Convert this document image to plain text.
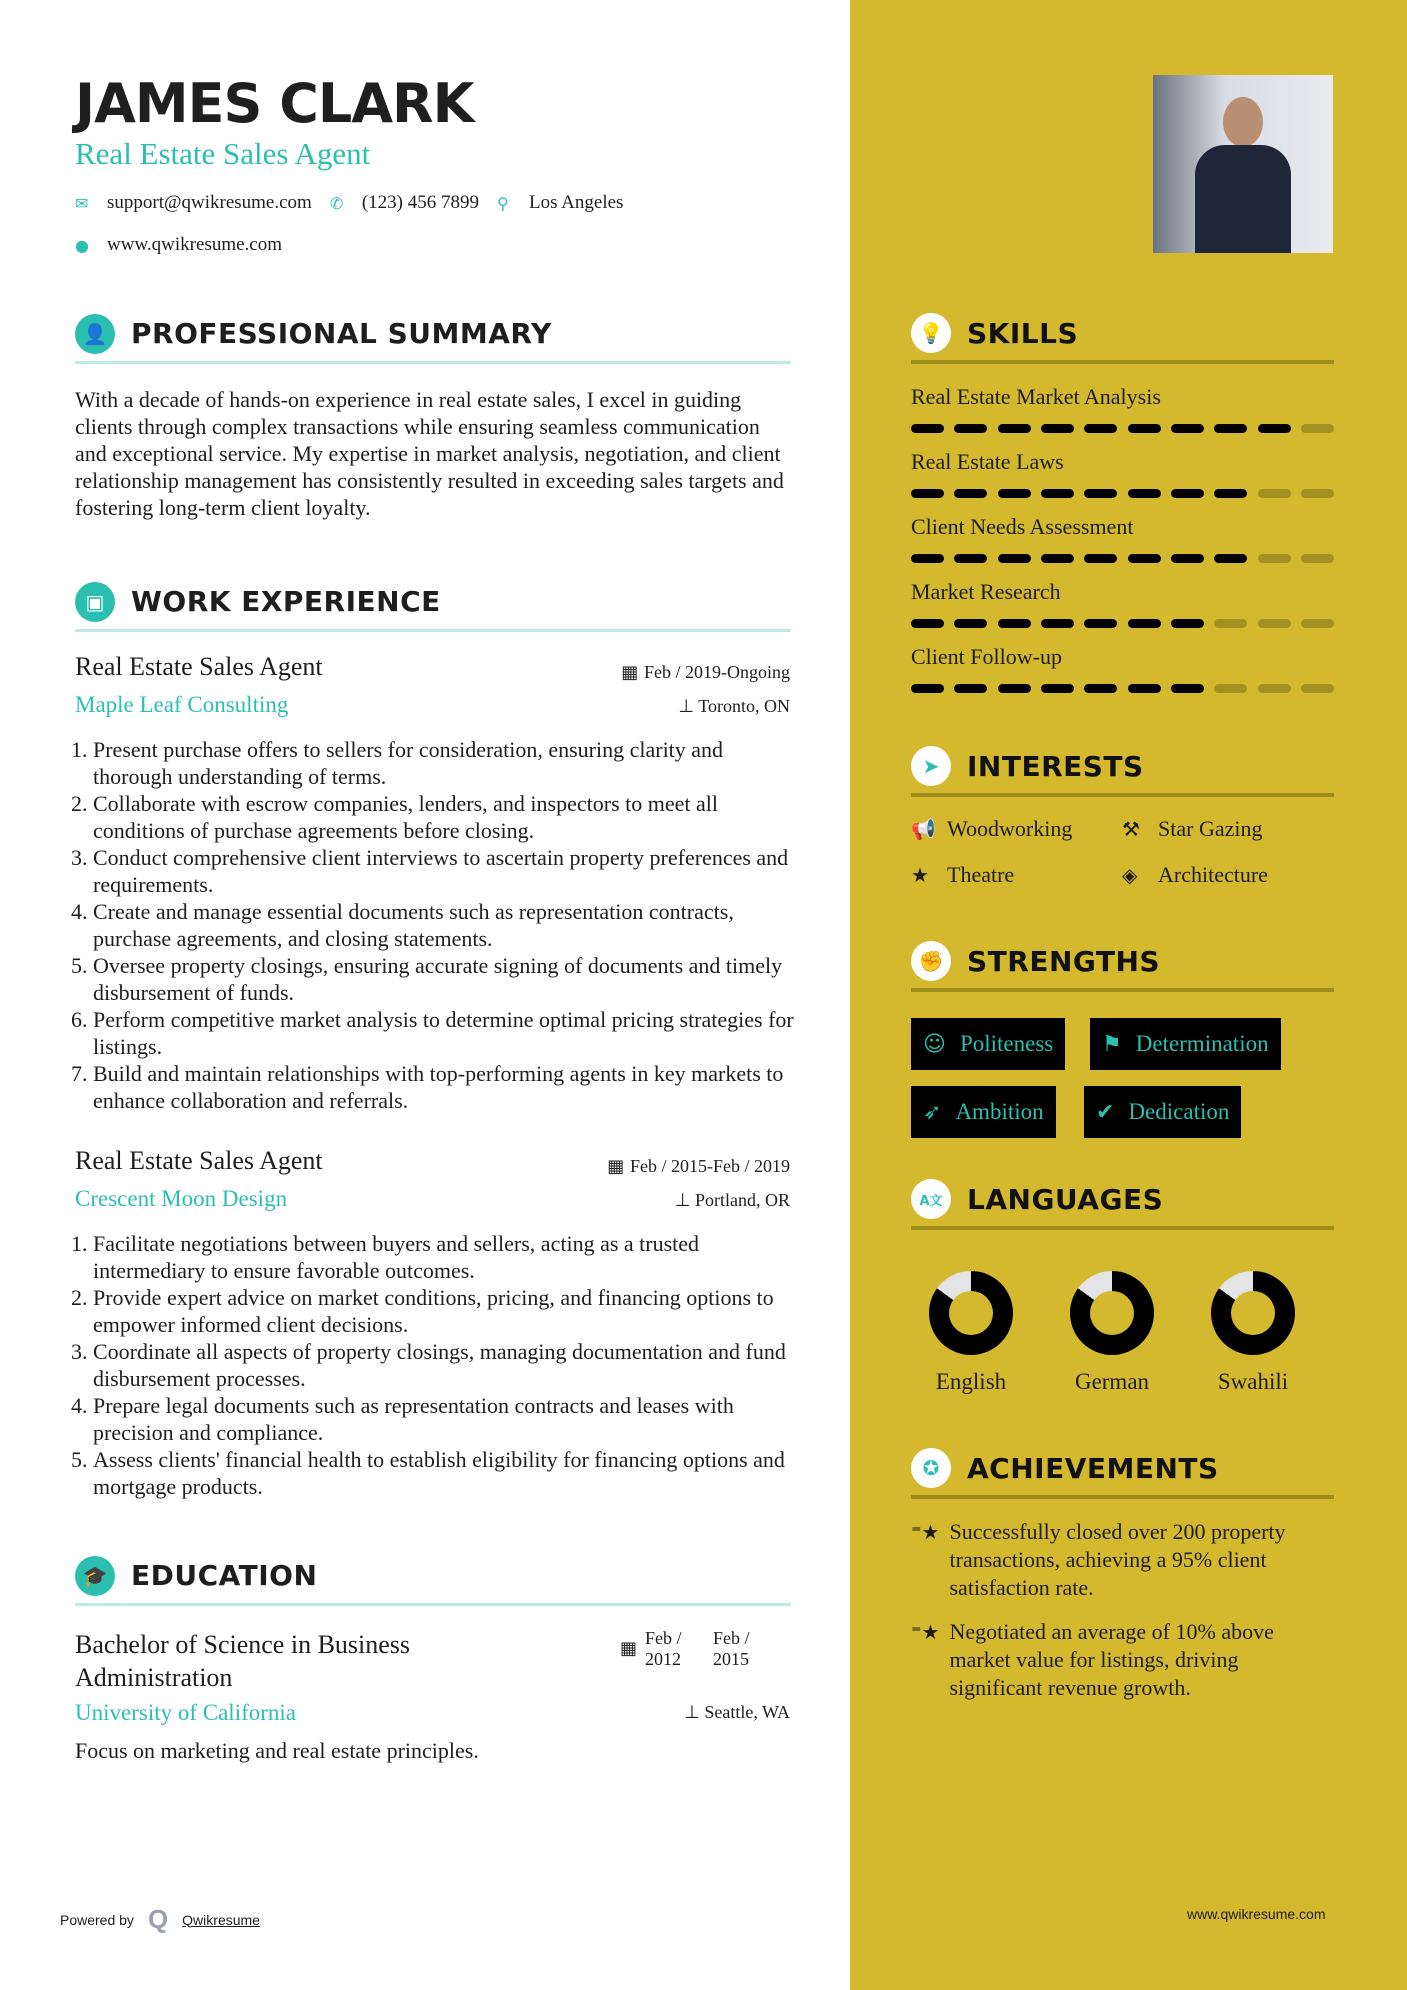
JAMES CLARK
Real Estate Sales Agent
✉ support@qwikresume.com ✆ (123) 456 7899 ⚲	Los Angeles
● www.qwikresume.com
👤 PROFESSIONAL SUMMARY
With a decade of hands-on experience in real estate sales, I excel in guiding clients through complex transactions while ensuring seamless communication and exceptional service. My expertise in market analysis, negotiation, and client relationship management has consistently resulted in exceeding sales targets and fostering long-term client loyalty.
▣ WORK EXPERIENCE
Real Estate Sales Agent
Maple Leaf Consulting
▦ Feb / 2019-Ongoing
⊥ Toronto, ON
1. Present purchase offers to sellers for consideration, ensuring clarity and thorough understanding of terms.
2. Collaborate with escrow companies, lenders, and inspectors to meet all conditions of purchase agreements before closing.
3. Conduct comprehensive client interviews to ascertain property preferences and requirements.
4. Create and manage essential documents such as representation contracts, purchase agreements, and closing statements.
5. Oversee property closings, ensuring accurate signing of documents and timely disbursement of funds.
6. Perform competitive market analysis to determine optimal pricing strategies for listings.
7. Build and maintain relationships with top-performing agents in key markets to enhance collaboration and referrals.
Real Estate Sales Agent
Crescent Moon Design
▦ Feb / 2015-Feb / 2019
⊥ Portland, OR
1. Facilitate negotiations between buyers and sellers, acting as a trusted intermediary to ensure favorable outcomes.
2. Provide expert advice on market conditions, pricing, and financing options to empower informed client decisions.
3. Coordinate all aspects of property closings, managing documentation and fund disbursement processes.
4. Prepare legal documents such as representation contracts and leases with precision and compliance.
5. Assess clients' financial health to establish eligibility for financing options and mortgage products.
🎓 EDUCATION
Bachelor of Science in Business Administration
▦ Feb / 2012
Feb / 2015
⊥ Seattle, WA
University of California
Focus on marketing and real estate principles.
Powered by Q Qwikresume
💡 SKILLS
Real Estate Market Analysis
Real Estate Laws
Client Needs Assessment
Market Research
Client Follow-up
➤ INTERESTS
📢 Woodworking ⚒ Star Gazing
★ Theatre	◈ Architecture
✊ STRENGTHS
☺ Politeness ⚑ Determination
➶ Ambition ✔ Dedication
A文 LANGUAGES
English	German	Swahili
✪ ACHIEVEMENTS
⁼★ Successfully closed over 200 property transactions, achieving a 95% client satisfaction rate.
⁼★ Negotiated an average of 10% above market value for listings, driving significant revenue growth.
www.qwikresume.com
